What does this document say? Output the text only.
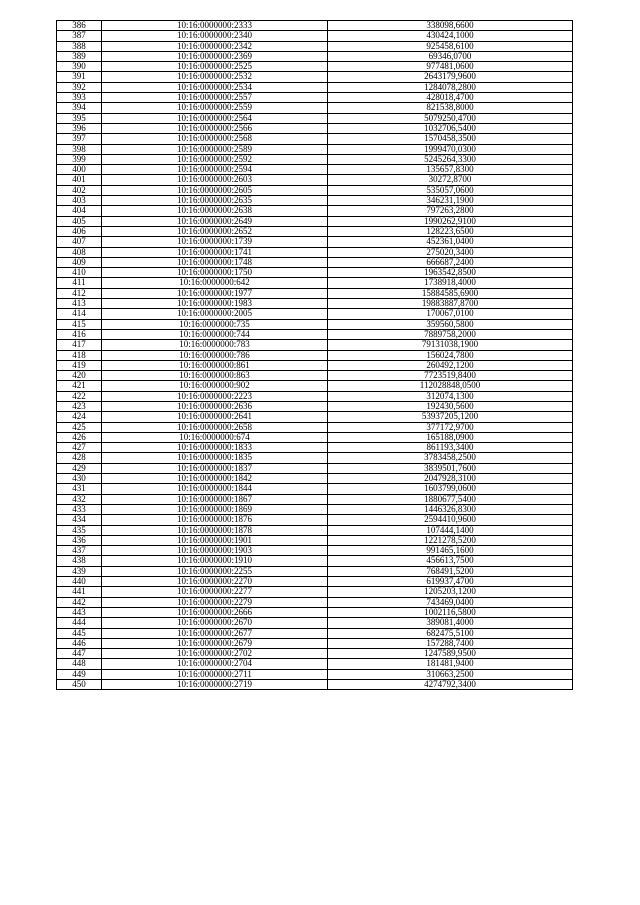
386	10:16:0000000:2333	338098,6600
387	10:16:0000000:2340	430424,1000
388	10:16:0000000:2342	925458,6100
389	10:16:0000000:2369	69346,0700
390	10:16:0000000:2525	977481,0600
391	10:16:0000000:2532	2643179,9600
392	10:16:0000000:2534	1284078,2800
393	10:16:0000000:2557	428018,4700
394	10:16:0000000:2559	821538,8000
395	10:16:0000000:2564	5079250,4700
396	10:16:0000000:2566	1032706,5400
397	10:16:0000000:2568	1570458,3500
398	10:16:0000000:2589	1999470,0300
399	10:16:0000000:2592	5245264,3300
400	10:16:0000000:2594	135657,8300
401	10:16:0000000:2603	30272,8700
402	10:16:0000000:2605	535057,0600
403	10:16:0000000:2635	346231,1900
404	10:16:0000000:2638	797263,2800
405	10:16:0000000:2649	1990262,9100
406	10:16:0000000:2652	128223,6500
407	10:16:0000000:1739	452361,0400
408	10:16:0000000:1741	275020,3400
409	10:16:0000000:1748	666687,2400
410	10:16:0000000:1750	1963542,8500
411	10:16:0000000:642	1738918,4000
412	10:16:0000000:1977	15884585,6900
413	10:16:0000000:1983	19883887,8700
414	10:16:0000000:2005	170067,0100
415	10:16:0000000:735	359560,5800
416	10:16:0000000:744	7889758,2000
417	10:16:0000000:783	79131038,1900
418	10:16:0000000:786	156024,7800
419	10:16:0000000:861	260492,1200
420	10:16:0000000:863	7723519,8400
421	10:16:0000000:902	112028848,0500
422	10:16:0000000:2223	312074,1300
423	10:16:0000000:2636	192430,5600
424	10:16:0000000:2641	53937205,1200
425	10:16:0000000:2658	377172,9700
426	10:16:0000000:674	165188,0900
427	10:16:0000000:1833	861193,3400
428	10:16:0000000:1835	3783458,2500
429	10:16:0000000:1837	3839501,7600
430	10:16:0000000:1842	2047928,3100
431	10:16:0000000:1844	1603799,0600
432	10:16:0000000:1867	1880677,5400
433	10:16:0000000:1869	1446326,8300
434	10:16:0000000:1876	2594410,9600
435	10:16:0000000:1878	107444,1400
436	10:16:0000000:1901	1221278,5200
437	10:16:0000000:1903	991465,1600
438	10:16:0000000:1910	456613,7500
439	10:16:0000000:2255	768491,5200
440	10:16:0000000:2270	619937,4700
441	10:16:0000000:2277	1205203,1200
442	10:16:0000000:2279	743469,0400
443	10:16:0000000:2666	1002116,5800
444	10:16:0000000:2670	389081,4000
445	10:16:0000000:2677	682475,5100
446	10:16:0000000:2679	157288,7400
447	10:16:0000000:2702	1247589,9500
448	10:16:0000000:2704	181481,9400
449	10:16:0000000:2711	310663,2500
450	10:16:0000000:2719	4274792,3400
